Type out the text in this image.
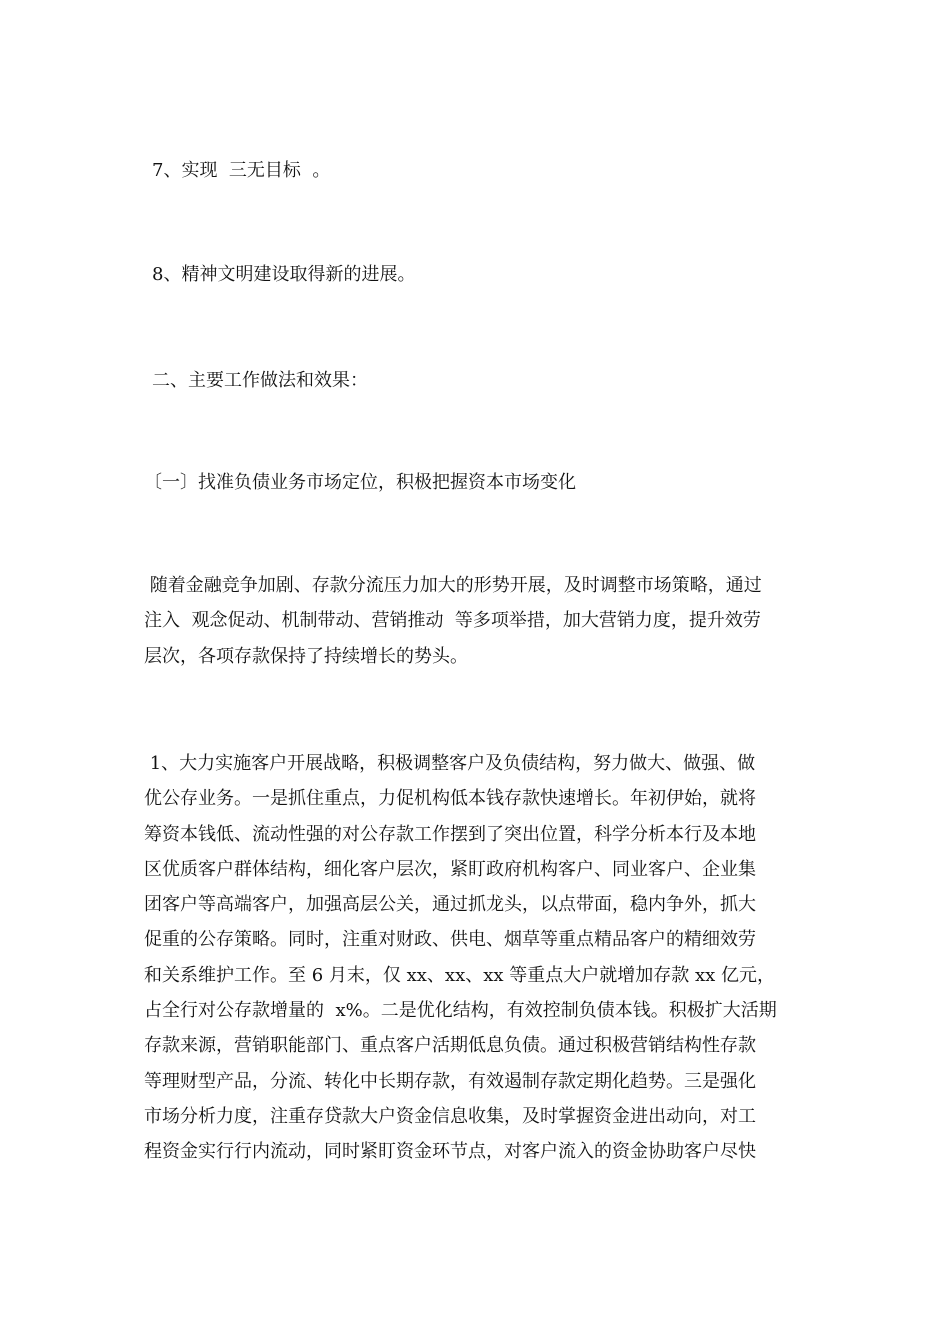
7、实现  三无目标  。

8、精神文明建设取得新的进展。

二、主要工作做法和效果：

〔一〕找准负债业务市场定位，积极把握资本市场变化

随着金融竞争加剧、存款分流压力加大的形势开展，及时调整市场策略，通过
注入  观念促动、机制带动、营销推动  等多项举措，加大营销力度，提升效劳
层次，各项存款保持了持续增长的势头。
1、大力实施客户开展战略，积极调整客户及负债结构，努力做大、做强、做
优公存业务。一是抓住重点，力促机构低本钱存款快速增长。年初伊始，就将
筹资本钱低、流动性强的对公存款工作摆到了突出位置，科学分析本行及本地
区优质客户群体结构，细化客户层次，紧盯政府机构客户、同业客户、企业集
团客户等高端客户，加强高层公关，通过抓龙头，以点带面，稳内争外，抓大
促重的公存策略。同时，注重对财政、供电、烟草等重点精品客户的精细效劳
和关系维护工作。至 6 月末，仅 xx、xx、xx 等重点大户就增加存款 xx 亿元，
占全行对公存款增量的  x%。二是优化结构，有效控制负债本钱。积极扩大活期
存款来源，营销职能部门、重点客户活期低息负债。通过积极营销结构性存款
等理财型产品，分流、转化中长期存款，有效遏制存款定期化趋势。三是强化
市场分析力度，注重存贷款大户资金信息收集，及时掌握资金进出动向，对工
程资金实行行内流动，同时紧盯资金环节点，对客户流入的资金协助客户尽快
